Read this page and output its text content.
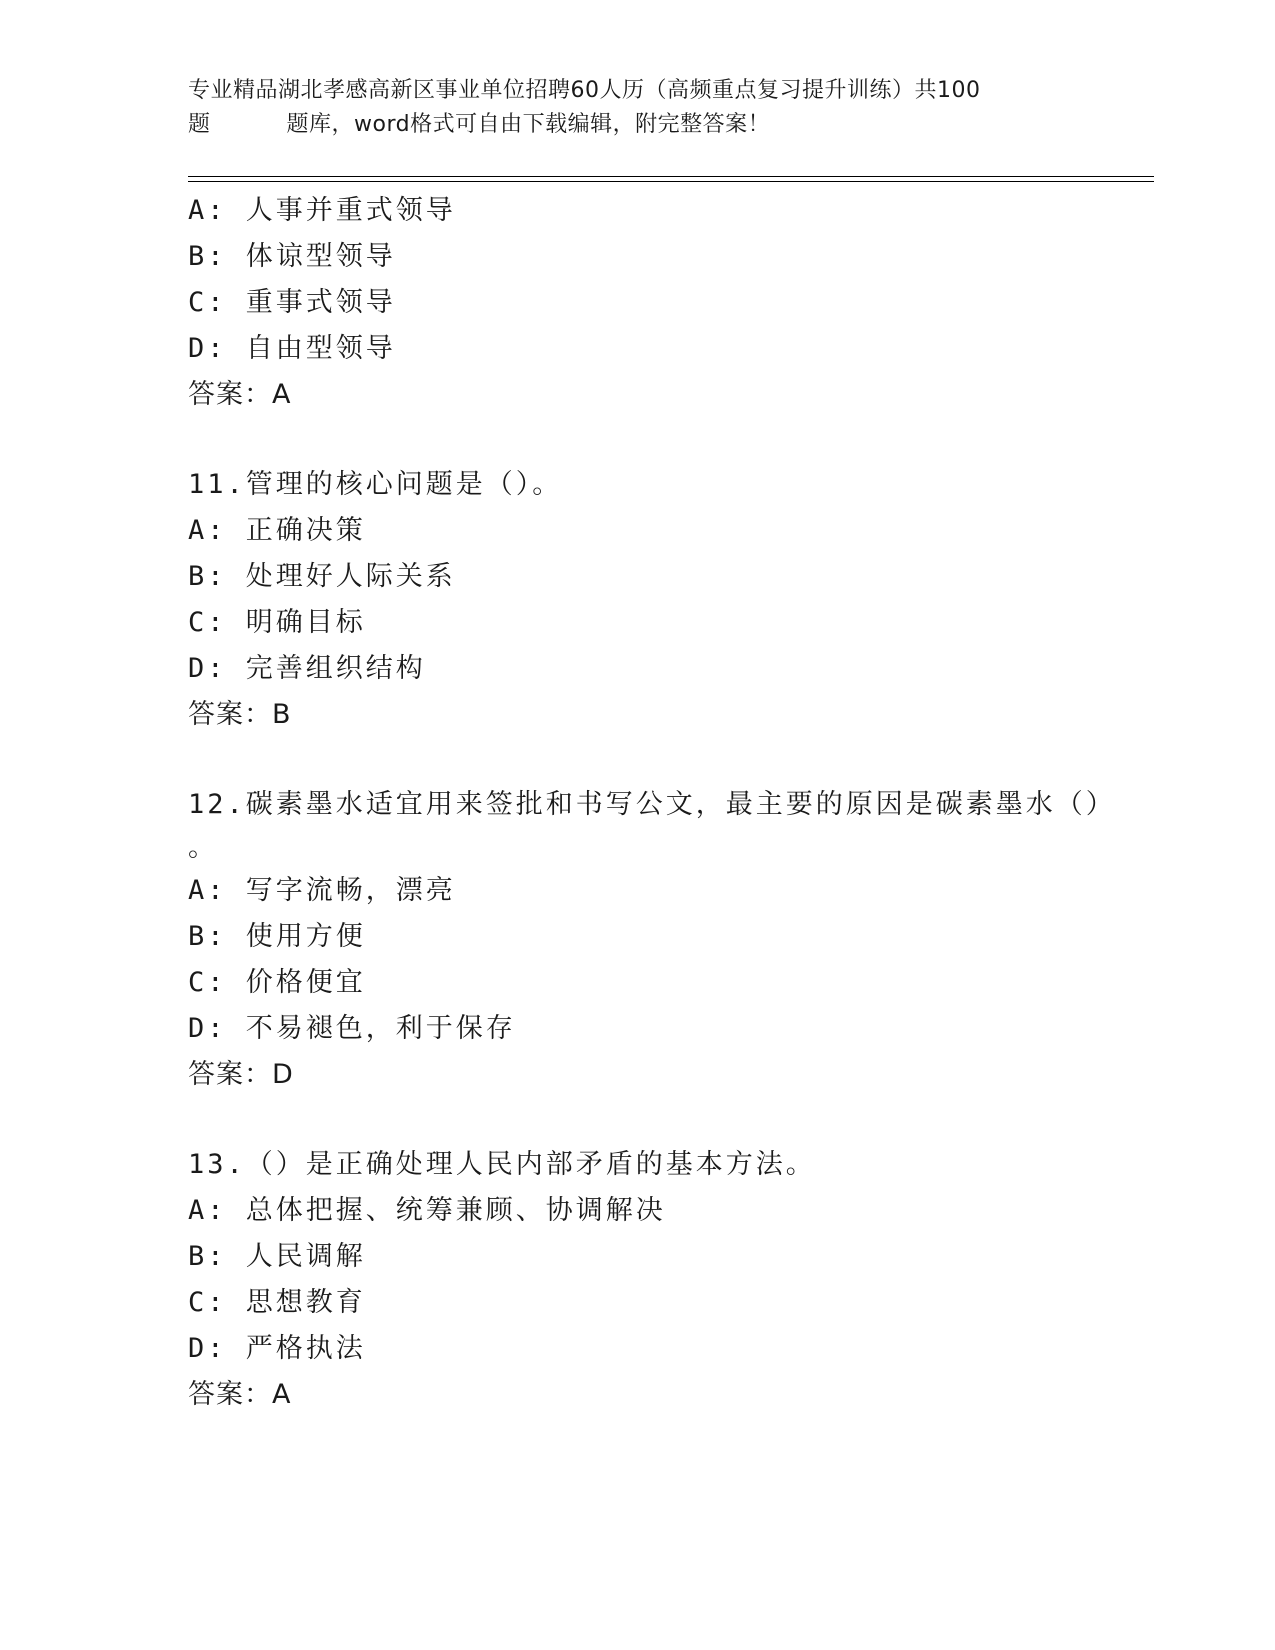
专业精品湖北孝感高新区事业单位招聘60人历（高频重点复习提升训练）共100
题	题库，word格式可自由下载编辑，附完整答案！
A: 人事并重式领导
B: 体谅型领导
C: 重事式领导
D: 自由型领导
答案：A
11.管理的核心问题是（）。
A: 正确决策
B: 处理好人际关系
C: 明确目标
D: 完善组织结构
答案：B
12.碳素墨水适宜用来签批和书写公文，最主要的原因是碳素墨水（）
。
A: 写字流畅，漂亮
B: 使用方便
C: 价格便宜
D: 不易褪色，利于保存
答案：D
13.（）是正确处理人民内部矛盾的基本方法。
A: 总体把握、统筹兼顾、协调解决
B: 人民调解
C: 思想教育
D: 严格执法
答案：A
